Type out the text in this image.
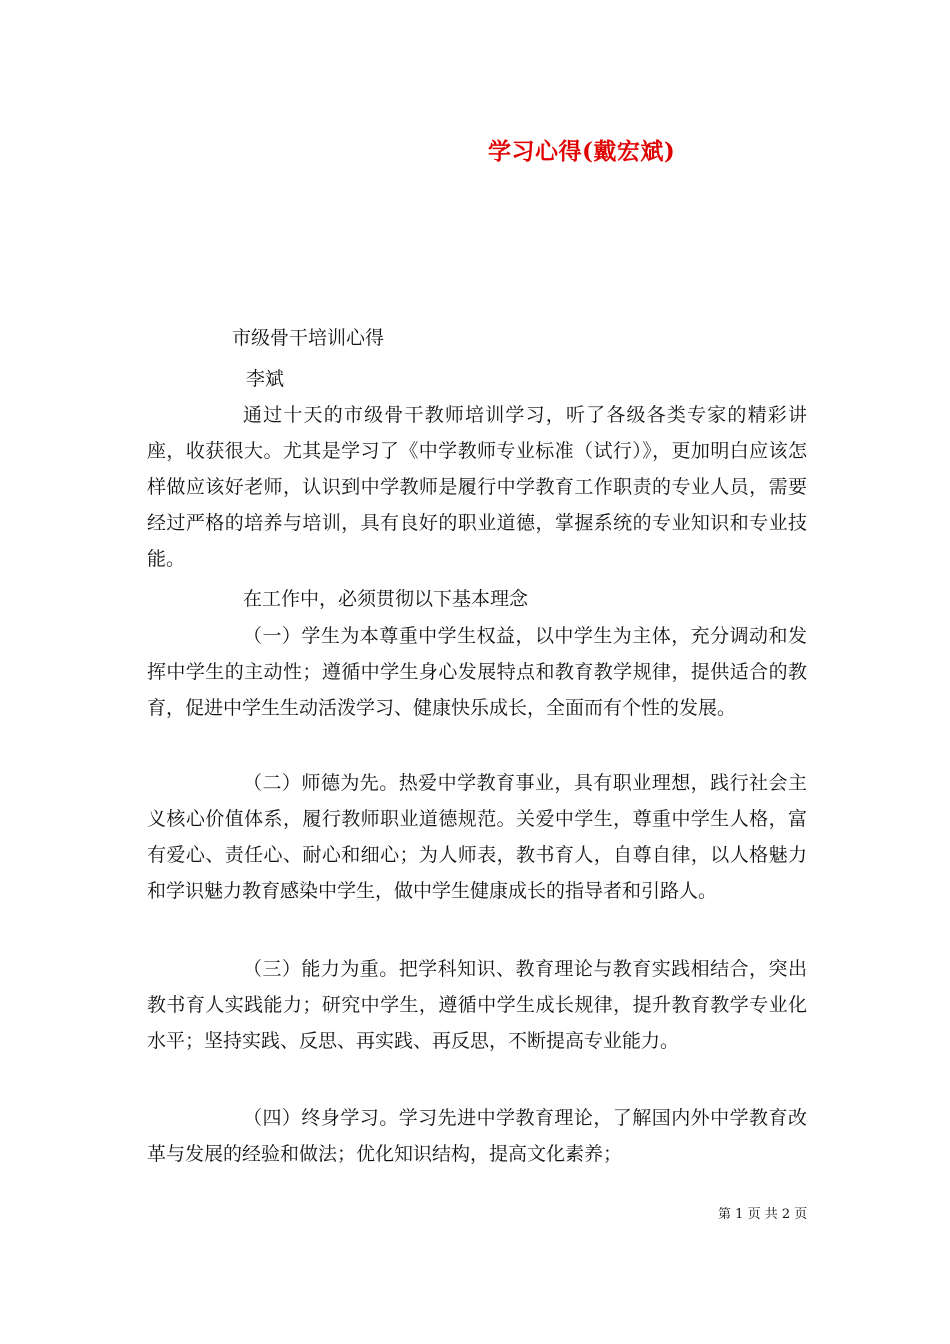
学习心得(戴宏斌)
市级骨干培训心得
李斌
通过十天的市级骨干教师培训学习，听了各级各类专家的精彩讲座，收获很大。尤其是学习了《中学教师专业标准（试行）》，更加明白应该怎样做应该好老师，认识到中学教师是履行中学教育工作职责的专业人员，需要经过严格的培养与培训，具有良好的职业道德，掌握系统的专业知识和专业技能。
在工作中，必须贯彻以下基本理念
（一）学生为本尊重中学生权益，以中学生为主体，充分调动和发挥中学生的主动性；遵循中学生身心发展特点和教育教学规律，提供适合的教育，促进中学生生动活泼学习、健康快乐成长，全面而有个性的发展。
（二）师德为先。热爱中学教育事业，具有职业理想，践行社会主义核心价值体系，履行教师职业道德规范。关爱中学生，尊重中学生人格，富有爱心、责任心、耐心和细心；为人师表，教书育人，自尊自律，以人格魅力和学识魅力教育感染中学生，做中学生健康成长的指导者和引路人。
（三）能力为重。把学科知识、教育理论与教育实践相结合，突出教书育人实践能力；研究中学生，遵循中学生成长规律，提升教育教学专业化水平；坚持实践、反思、再实践、再反思，不断提高专业能力。
（四）终身学习。学习先进中学教育理论，了解国内外中学教育改革与发展的经验和做法；优化知识结构，提高文化素养；
第 1 页 共 2 页
